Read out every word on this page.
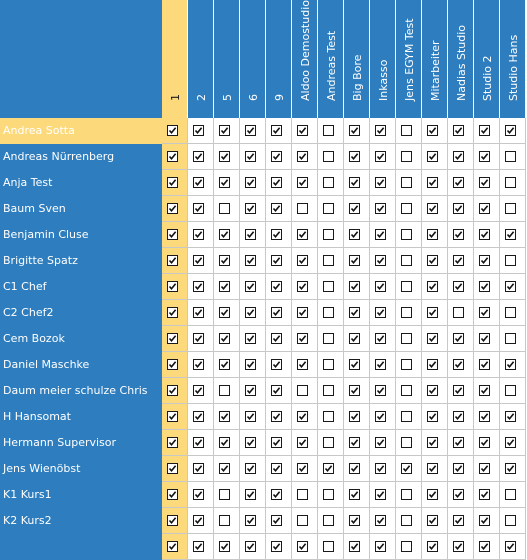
1 2 5 6 9 Aldoo Demostudio Andreas Test Big Bore Inkasso Jens EGYM Test Mitarbeiter Nadias Studio Studio 2 Studio Hans
Andrea Sotta
Andreas Nürrenberg
Anja Test
Baum Sven
Benjamin Cluse
Brigitte Spatz
C1 Chef
C2 Chef2
Cem Bozok
Daniel Maschke
Daum meier schulze Chris
H Hansomat
Hermann Supervisor
Jens Wienöbst
K1 Kurs1
K2 Kurs2
